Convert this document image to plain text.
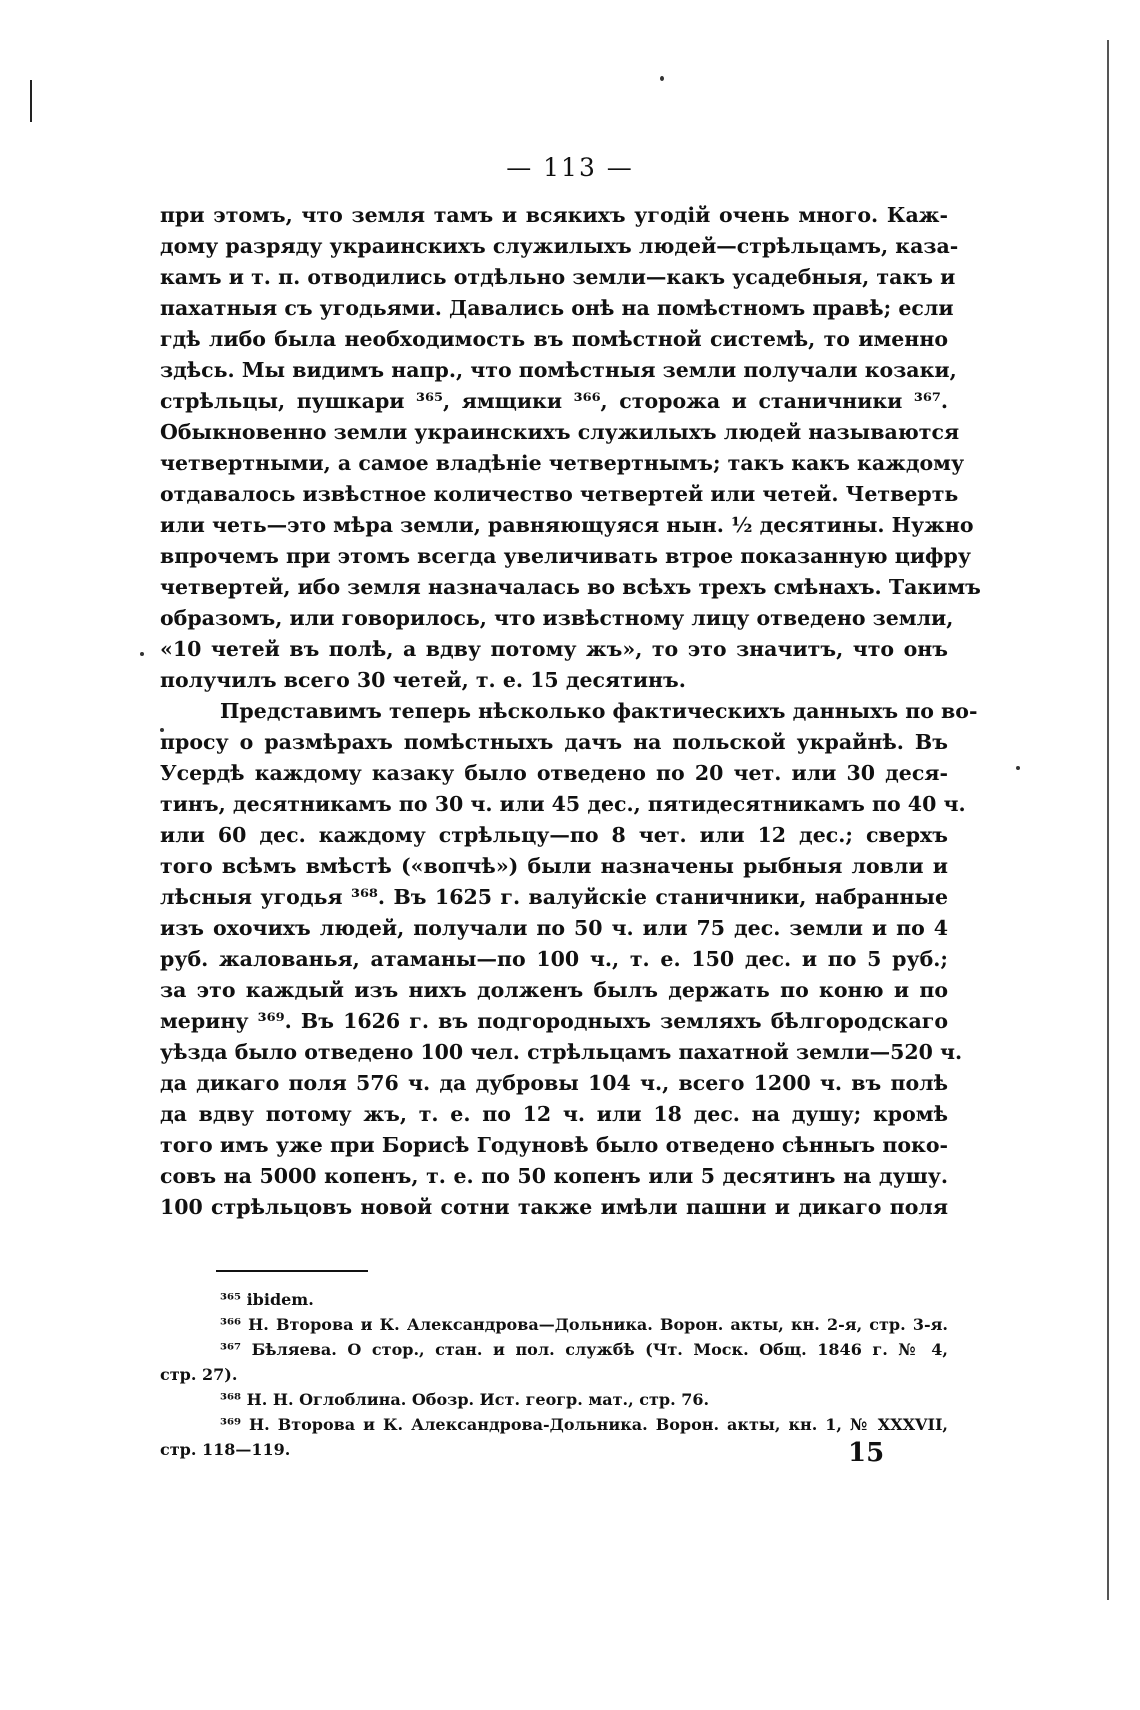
— 113 —
при этомъ, что земля тамъ и всякихъ угодій очень много. Каж-
дому разряду украинскихъ служилыхъ людей—стрѣльцамъ, каза-
камъ и т. п. отводились отдѣльно земли—какъ усадебныя, такъ и
пахатныя съ угодьями. Давались онѣ на помѣстномъ правѣ; если
гдѣ либо была необходимость въ помѣстной системѣ, то именно
здѣсь. Мы видимъ напр., что помѣстныя земли получали козаки,
стрѣльцы, пушкари ³⁶⁵, ямщики ³⁶⁶, сторожа и станичники ³⁶⁷.
Обыкновенно земли украинскихъ служилыхъ людей называются
четвертными, а самое владѣніе четвертнымъ; такъ какъ каждому
отдавалось извѣстное количество четвертей или четей. Четверть
или четь—это мѣра земли, равняющуяся нын. ½ десятины. Нужно
впрочемъ при этомъ всегда увеличивать втрое показанную цифру
четвертей, ибо земля назначалась во всѣхъ трехъ смѣнахъ. Такимъ
образомъ, или говорилось, что извѣстному лицу отведено земли,
«10 четей въ полѣ, а вдву потому жъ», то это значитъ, что онъ
получилъ всего 30 четей, т. е. 15 десятинъ.
Представимъ теперь нѣсколько фактическихъ данныхъ по во-
просу о размѣрахъ помѣстныхъ дачъ на польской украйнѣ. Въ
Усердѣ каждому казаку было отведено по 20 чет. или 30 деся-
тинъ, десятникамъ по 30 ч. или 45 дес., пятидесятникамъ по 40 ч.
или 60 дес. каждому стрѣльцу—по 8 чет. или 12 дес.; сверхъ
того всѣмъ вмѣстѣ («вопчѣ») были назначены рыбныя ловли и
лѣсныя угодья ³⁶⁸. Въ 1625 г. валуйскіе станичники, набранные
изъ охочихъ людей, получали по 50 ч. или 75 дес. земли и по 4
руб. жалованья, атаманы—по 100 ч., т. е. 150 дес. и по 5 руб.;
за это каждый изъ нихъ долженъ былъ держать по коню и по
мерину ³⁶⁹. Въ 1626 г. въ подгородныхъ земляхъ бѣлгородскаго
уѣзда было отведено 100 чел. стрѣльцамъ пахатной земли—520 ч.
да дикаго поля 576 ч. да дубровы 104 ч., всего 1200 ч. въ полѣ
да вдву потому жъ, т. е. по 12 ч. или 18 дес. на душу; кромѣ
того имъ уже при Борисѣ Годуновѣ было отведено сѣнныъ поко-
совъ на 5000 копенъ, т. е. по 50 копенъ или 5 десятинъ на душу.
100 стрѣльцовъ новой сотни также имѣли пашни и дикаго поля
³⁶⁵ ibidem.
³⁶⁶ Н. Второва и К. Александрова—Дольника. Ворон. акты, кн. 2-я, стр. 3-я.
³⁶⁷ Бѣляева. О стор., стан. и пол. службѣ (Чт. Моск. Общ. 1846 г. № 4,
стр. 27).
³⁶⁸ Н. Н. Оглоблина. Обозр. Ист. геогр. мат., стр. 76.
³⁶⁹ Н. Второва и К. Александрова-Дольника. Ворон. акты, кн. 1, № XXXVII,
стр. 118—119.	15
